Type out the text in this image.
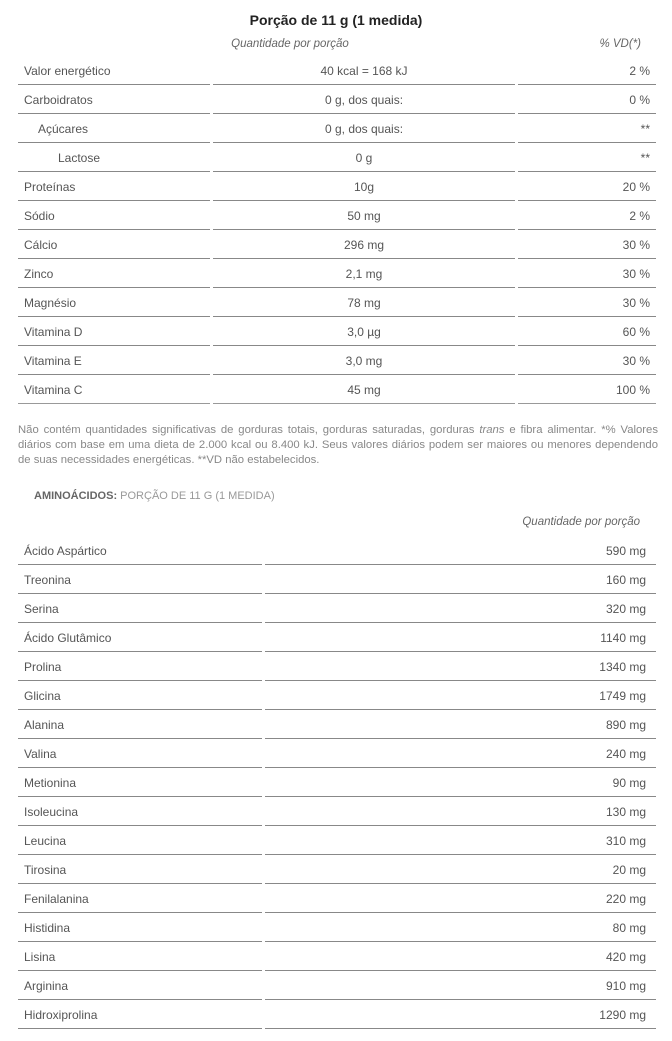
Porção de 11 g (1 medida)
Quantidade por porção	% VD(*)
Valor energético	40 kcal = 168 kJ	2 %
Carboidratos	0 g, dos quais:	0 %
Açúcares	0 g, dos quais:	**
Lactose	0 g	**
Proteínas	10g	20 %
Sódio	50 mg	2 %
Cálcio	296 mg	30 %
Zinco	2,1 mg	30 %
Magnésio	78 mg	30 %
Vitamina D	3,0 µg	60 %
Vitamina E	3,0 mg	30 %
Vitamina C	45 mg	100 %
Não contém quantidades significativas de gorduras totais, gorduras saturadas, gorduras trans e fibra alimentar. *% Valores diários com base em uma dieta de 2.000 kcal ou 8.400 kJ. Seus valores diários podem ser maiores ou menores dependendo de suas necessidades energéticas. **VD não estabelecidos.
AMINOÁCIDOS: PORÇÃO DE 11 G (1 MEDIDA)
Quantidade por porção
Ácido Aspártico	590 mg
Treonina	160 mg
Serina	320 mg
Ácido Glutâmico	1140 mg
Prolina	1340 mg
Glicina	1749 mg
Alanina	890 mg
Valina	240 mg
Metionina	90 mg
Isoleucina	130 mg
Leucina	310 mg
Tirosina	20 mg
Fenilalanina	220 mg
Histidina	80 mg
Lisina	420 mg
Arginina	910 mg
Hidroxiprolina	1290 mg
